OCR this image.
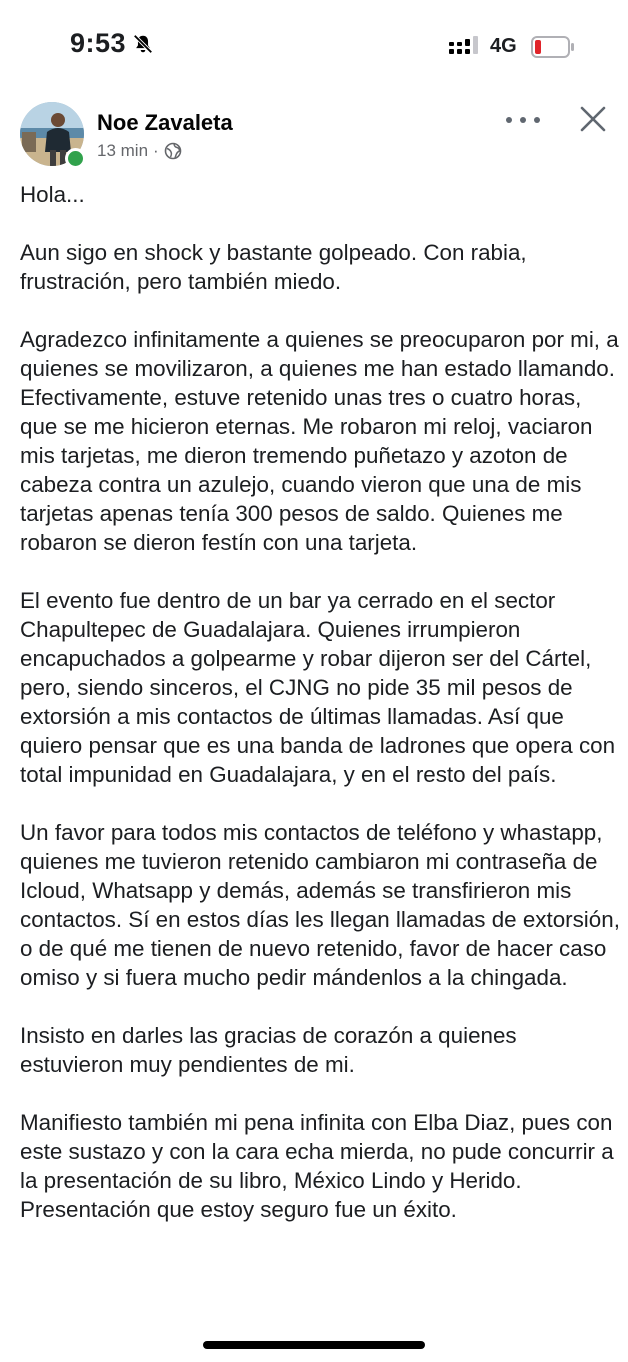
9:53	4G
Noe Zavaleta
13 min ·

Hola...

Aun sigo en shock y bastante golpeado. Con rabia, frustración, pero también miedo.

Agradezco infinitamente a quienes se preocuparon por mi, a quienes se movilizaron, a quienes me han estado llamando.
Efectivamente, estuve retenido unas tres o cuatro horas, que se me hicieron eternas. Me robaron mi reloj, vaciaron mis tarjetas, me dieron tremendo puñetazo y azoton de cabeza contra un azulejo, cuando vieron que una de mis tarjetas apenas tenía 300 pesos de saldo. Quienes me robaron se dieron festín con una tarjeta.

El evento fue dentro de un bar ya cerrado en el sector Chapultepec de Guadalajara. Quienes irrumpieron encapuchados a golpearme y robar dijeron ser del Cártel, pero, siendo sinceros, el CJNG no pide 35 mil pesos de extorsión a mis contactos de últimas llamadas. Así que quiero pensar que es una banda de ladrones que opera con total impunidad en Guadalajara, y en el resto del país.

Un favor para todos mis contactos de teléfono y whastapp, quienes me tuvieron retenido cambiaron mi contraseña de Icloud, Whatsapp y demás, además se transfirieron mis contactos. Sí en estos días les llegan llamadas de extorsión, o de qué me tienen de nuevo retenido, favor de hacer caso omiso y si fuera mucho pedir mándenlos a la chingada.

Insisto en darles las gracias de corazón a quienes estuvieron muy pendientes de mi.

Manifiesto también mi pena infinita con Elba Diaz, pues con este sustazo y con la cara echa mierda, no pude concurrir a la presentación de su libro, México Lindo y Herido. Presentación que estoy seguro fue un éxito.
